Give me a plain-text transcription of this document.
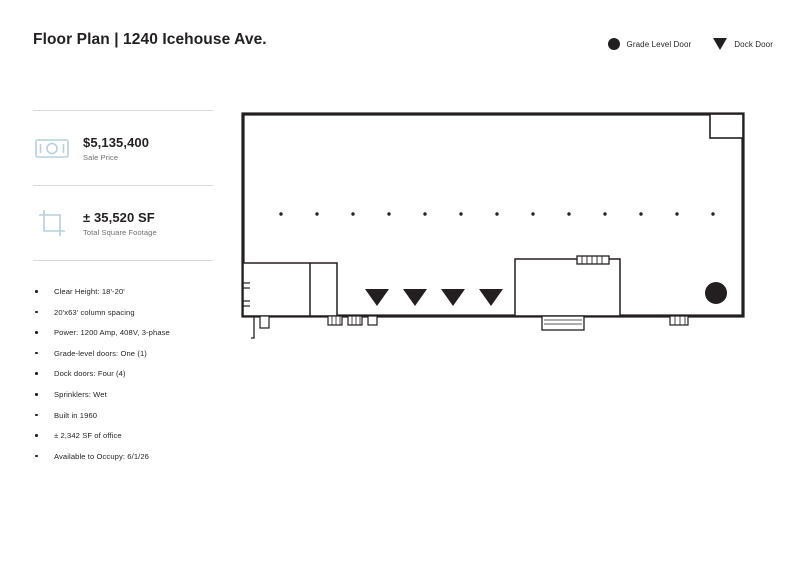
Floor Plan | 1240 Icehouse Ave.	Grade Level Door	Dock Door
$5,135,400
Sale Price
± 35,520 SF
Total Square Footage
Clear Height: 18'-20'
20'x63' column spacing
Power: 1200 Amp, 408V, 3-phase
Grade-level doors: One (1)
Dock doors: Four (4)
Sprinklers: Wet
Built in 1960
± 2,342 SF of office
Available to Occupy: 6/1/26
